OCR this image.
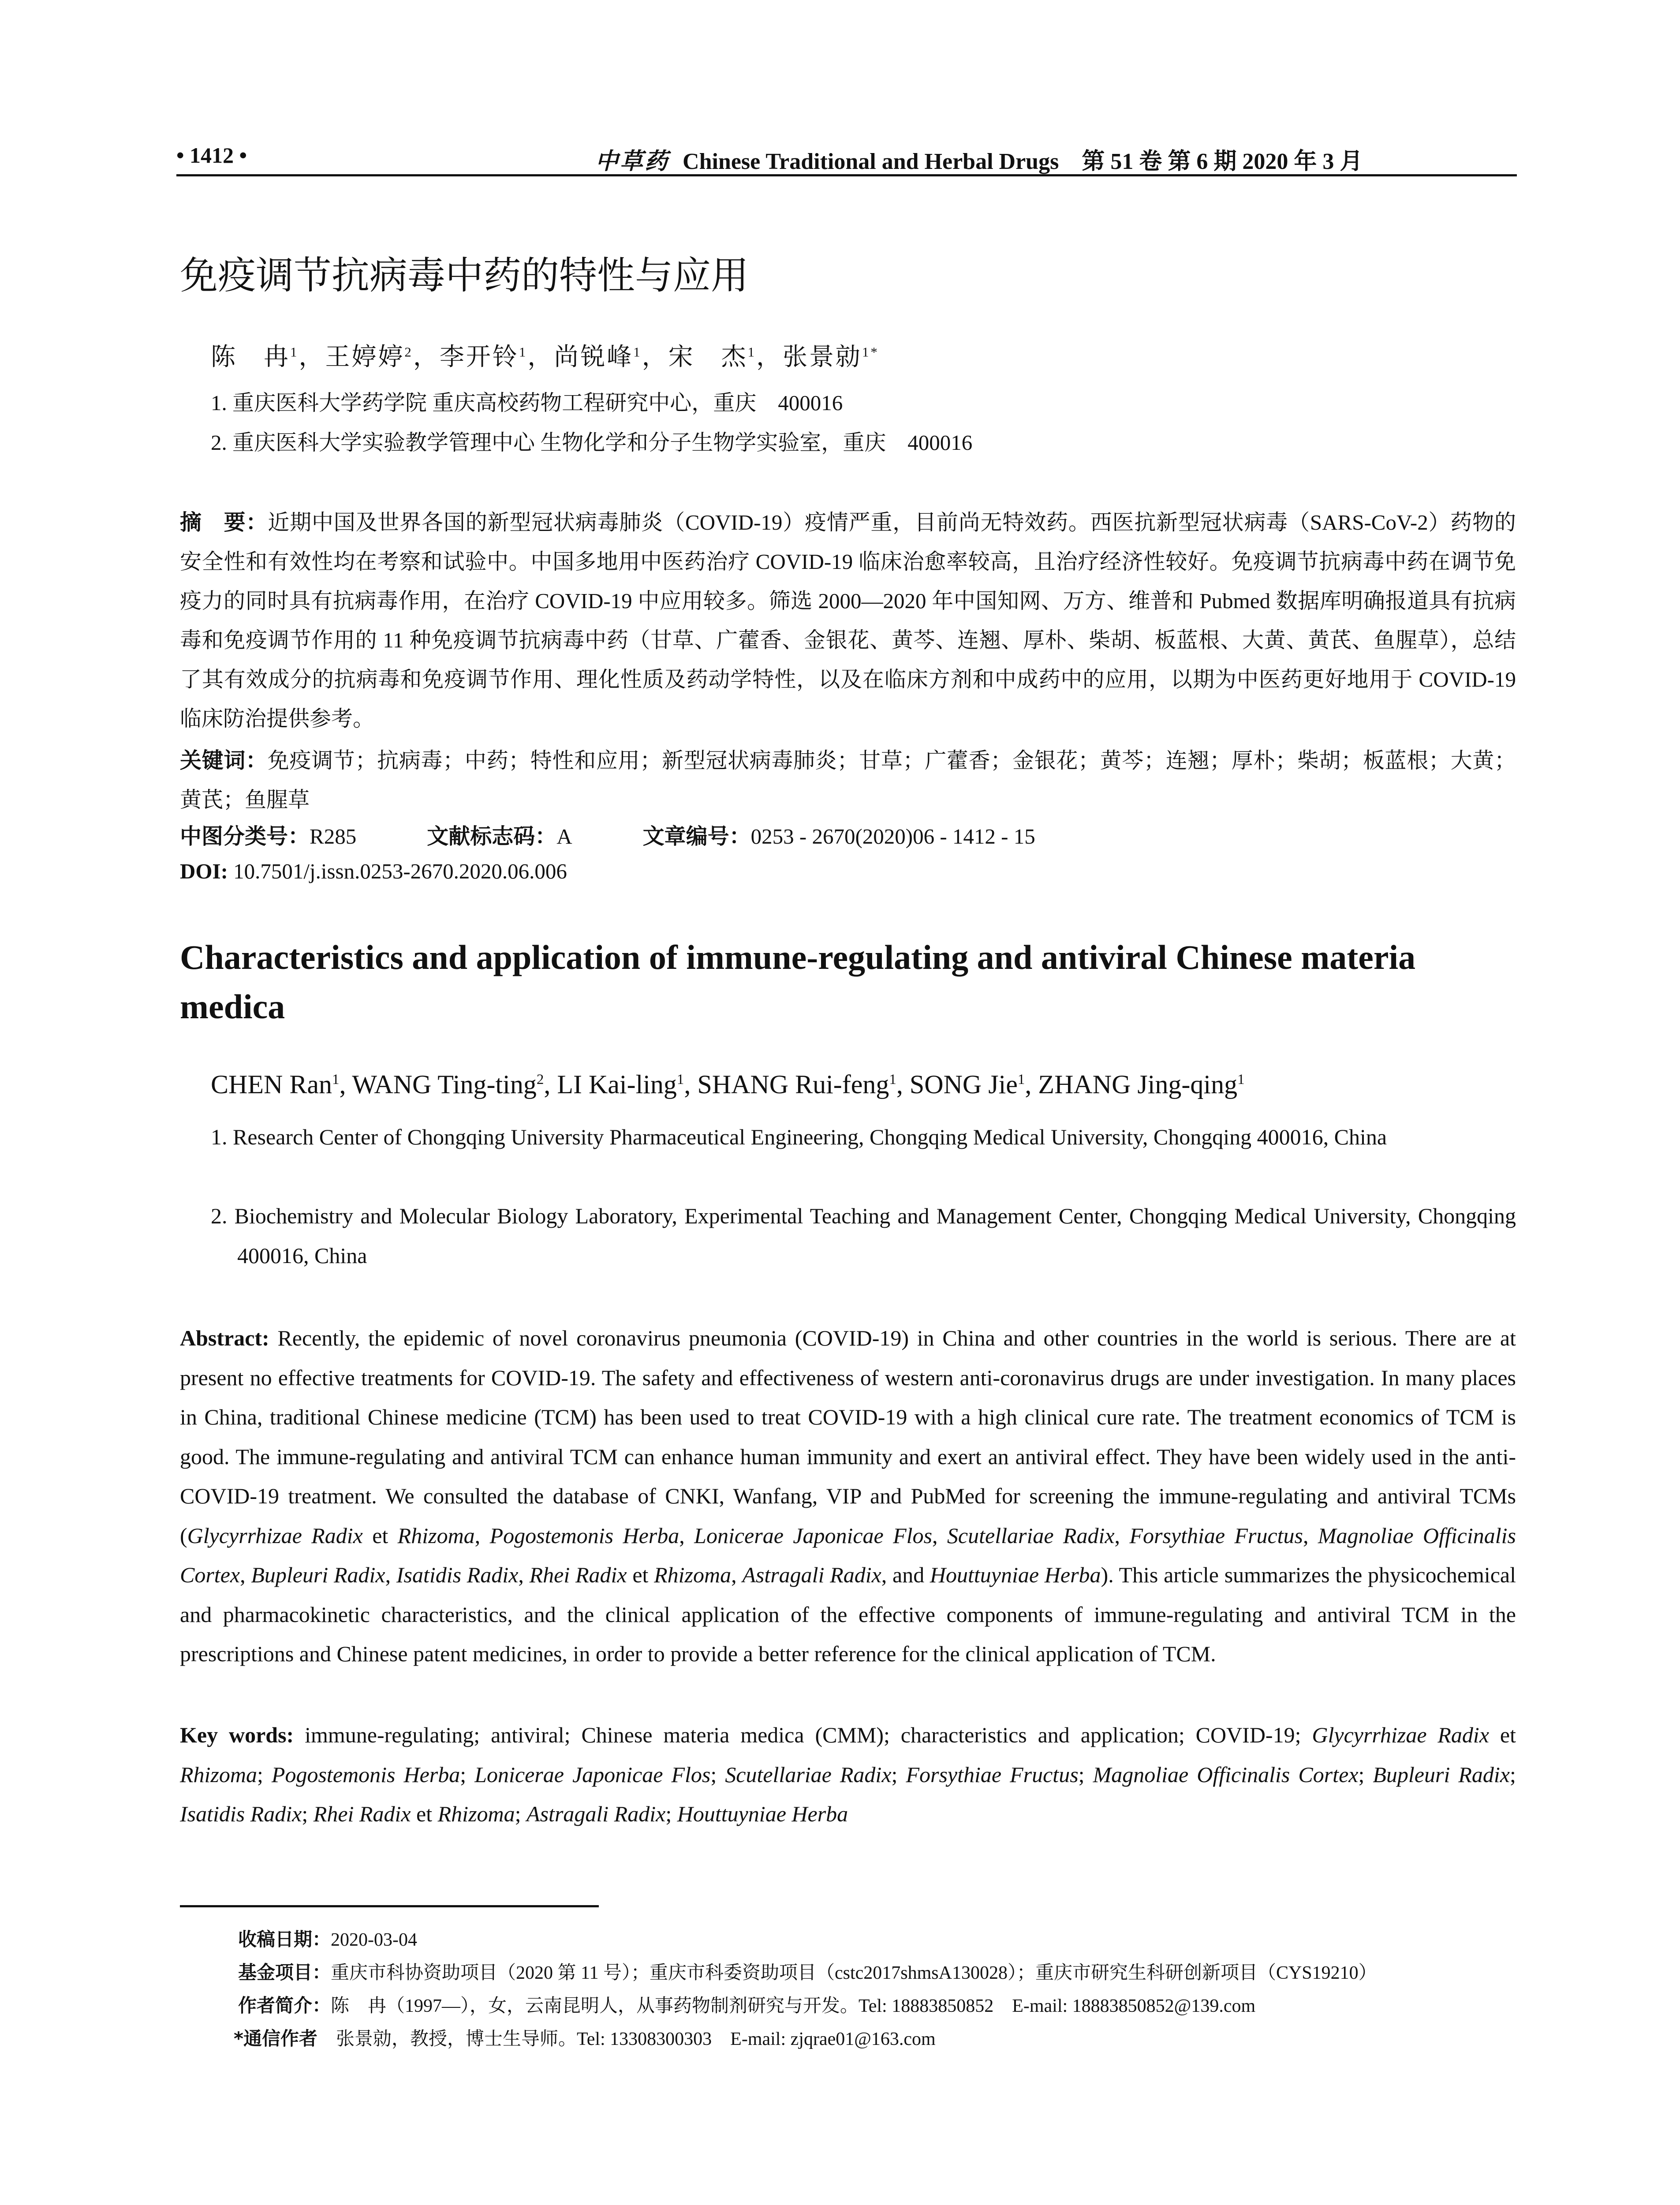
• 1412 •	中草药 Chinese Traditional and Herbal Drugs　第 51 卷 第 6 期 2020 年 3 月
免疫调节抗病毒中药的特性与应用
陈　冉$^1$，王婷婷$^2$，李开铃$^1$，尚锐峰$^1$，宋　杰$^1$，张景勍$^{1*}$
1. 重庆医科大学药学院 重庆高校药物工程研究中心，重庆　400016
2. 重庆医科大学实验教学管理中心 生物化学和分子生物学实验室，重庆　400016
摘　要：近期中国及世界各国的新型冠状病毒肺炎（COVID-19）疫情严重，目前尚无特效药。西医抗新型冠状病毒（SARS-CoV-2）药物的安全性和有效性均在考察和试验中。中国多地用中医药治疗 COVID-19 临床治愈率较高，且治疗经济性较好。免疫调节抗病毒中药在调节免疫力的同时具有抗病毒作用，在治疗 COVID-19 中应用较多。筛选 2000—2020 年中国知网、万方、维普和 Pubmed 数据库明确报道具有抗病毒和免疫调节作用的 11 种免疫调节抗病毒中药（甘草、广藿香、金银花、黄芩、连翘、厚朴、柴胡、板蓝根、大黄、黄芪、鱼腥草），总结了其有效成分的抗病毒和免疫调节作用、理化性质及药动学特性，以及在临床方剂和中成药中的应用，以期为中医药更好地用于 COVID-19 临床防治提供参考。
关键词：免疫调节；抗病毒；中药；特性和应用；新型冠状病毒肺炎；甘草；广藿香；金银花；黄芩；连翘；厚朴；柴胡；板蓝根；大黄；黄芪；鱼腥草
中图分类号：R285	文献标志码：A	文章编号：0253 - 2670(2020)06 - 1412 - 15
DOI: 10.7501/j.issn.0253-2670.2020.06.006
Characteristics and application of immune-regulating and antiviral Chinese materia medica
CHEN Ran$^1$, WANG Ting-ting$^2$, LI Kai-ling$^1$, SHANG Rui-feng$^1$, SONG Jie$^1$, ZHANG Jing-qing$^1$
1. Research Center of Chongqing University Pharmaceutical Engineering, Chongqing Medical University, Chongqing 400016, China
2. Biochemistry and Molecular Biology Laboratory, Experimental Teaching and Management Center, Chongqing Medical University, Chongqing 400016, China
Abstract: Recently, the epidemic of novel coronavirus pneumonia (COVID-19) in China and other countries in the world is serious. There are at present no effective treatments for COVID-19. The safety and effectiveness of western anti-coronavirus drugs are under investigation. In many places in China, traditional Chinese medicine (TCM) has been used to treat COVID-19 with a high clinical cure rate. The treatment economics of TCM is good. The immune-regulating and antiviral TCM can enhance human immunity and exert an antiviral effect. They have been widely used in the anti-COVID-19 treatment. We consulted the database of CNKI, Wanfang, VIP and PubMed for screening the immune-regulating and antiviral TCMs (Glycyrrhizae Radix et Rhizoma, Pogostemonis Herba, Lonicerae Japonicae Flos, Scutellariae Radix, Forsythiae Fructus, Magnoliae Officinalis Cortex, Bupleuri Radix, Isatidis Radix, Rhei Radix et Rhizoma, Astragali Radix, and Houttuyniae Herba). This article summarizes the physicochemical and pharmacokinetic characteristics, and the clinical application of the effective components of immune-regulating and antiviral TCM in the prescriptions and Chinese patent medicines, in order to provide a better reference for the clinical application of TCM.
Key words: immune-regulating; antiviral; Chinese materia medica (CMM); characteristics and application; COVID-19; Glycyrrhizae Radix et Rhizoma; Pogostemonis Herba; Lonicerae Japonicae Flos; Scutellariae Radix; Forsythiae Fructus; Magnoliae Officinalis Cortex; Bupleuri Radix; Isatidis Radix; Rhei Radix et Rhizoma; Astragali Radix; Houttuyniae Herba
收稿日期：2020-03-04
基金项目：重庆市科协资助项目（2020 第 11 号）；重庆市科委资助项目（cstc2017shmsA130028）；重庆市研究生科研创新项目（CYS19210）
作者简介：陈　冉（1997—），女，云南昆明人，从事药物制剂研究与开发。Tel: 18883850852　E-mail: 18883850852@139.com
*通信作者　张景勍，教授，博士生导师。Tel: 13308300303　E-mail: zjqrae01@163.com
